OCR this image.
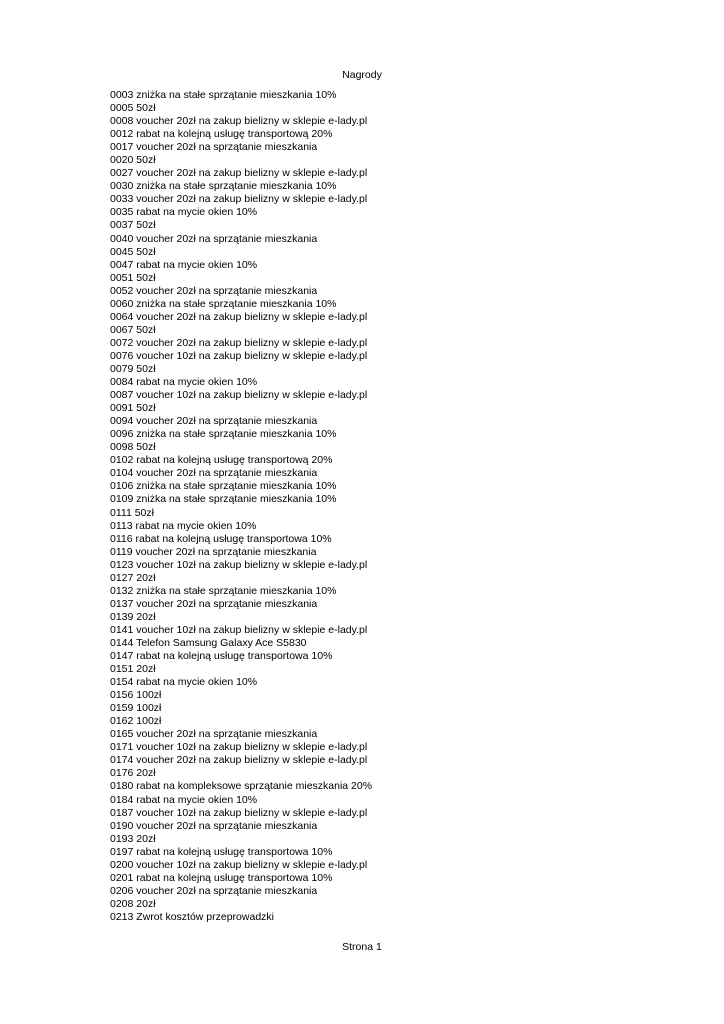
Nagrody
0003 zniżka na stałe sprzątanie mieszkania 10%
0005 50zł
0008 voucher 20zł na zakup bielizny w sklepie e-lady.pl
0012 rabat na kolejną usługę transportową 20%
0017 voucher 20zł na sprzątanie mieszkania
0020 50zł
0027 voucher 20zł na zakup bielizny w sklepie e-lady.pl
0030 zniżka na stałe sprzątanie mieszkania 10%
0033 voucher 20zł na zakup bielizny w sklepie e-lady.pl
0035 rabat na mycie okien 10%
0037 50zł
0040 voucher 20zł na sprzątanie mieszkania
0045 50zł
0047 rabat na mycie okien 10%
0051 50zł
0052 voucher 20zł na sprzątanie mieszkania
0060 zniżka na stałe sprzątanie mieszkania 10%
0064 voucher 20zł na zakup bielizny w sklepie e-lady.pl
0067 50zł
0072 voucher 20zł na zakup bielizny w sklepie e-lady.pl
0076 voucher 10zł na zakup bielizny w sklepie e-lady.pl
0079 50zł
0084 rabat na mycie okien 10%
0087 voucher 10zł na zakup bielizny w sklepie e-lady.pl
0091 50zł
0094 voucher 20zł na sprzątanie mieszkania
0096 zniżka na stałe sprzątanie mieszkania 10%
0098 50zł
0102 rabat na kolejną usługę transportową 20%
0104 voucher 20zł na sprzątanie mieszkania
0106 zniżka na stałe sprzątanie mieszkania 10%
0109 zniżka na stałe sprzątanie mieszkania 10%
0111 50zł
0113 rabat na mycie okien 10%
0116 rabat na kolejną usługę transportowa 10%
0119 voucher 20zł na sprzątanie mieszkania
0123 voucher 10zł na zakup bielizny w sklepie e-lady.pl
0127 20zł
0132 zniżka na stałe sprzątanie mieszkania 10%
0137 voucher 20zł na sprzątanie mieszkania
0139 20zł
0141 voucher 10zł na zakup bielizny w sklepie e-lady.pl
0144 Telefon Samsung Galaxy Ace S5830
0147 rabat na kolejną usługę transportowa 10%
0151 20zł
0154 rabat na mycie okien 10%
0156 100zł
0159 100zł
0162 100zł
0165 voucher 20zł na sprzątanie mieszkania
0171 voucher 10zł na zakup bielizny w sklepie e-lady.pl
0174 voucher 20zł na zakup bielizny w sklepie e-lady.pl
0176 20zł
0180 rabat na kompleksowe sprzątanie mieszkania 20%
0184 rabat na mycie okien 10%
0187 voucher 10zł na zakup bielizny w sklepie e-lady.pl
0190 voucher 20zł na sprzątanie mieszkania
0193 20zł
0197 rabat na kolejną usługę transportowa 10%
0200 voucher 10zł na zakup bielizny w sklepie e-lady.pl
0201 rabat na kolejną usługę transportowa 10%
0206 voucher 20zł na sprzątanie mieszkania
0208 20zł
0213 Zwrot kosztów przeprowadzki
Strona 1
